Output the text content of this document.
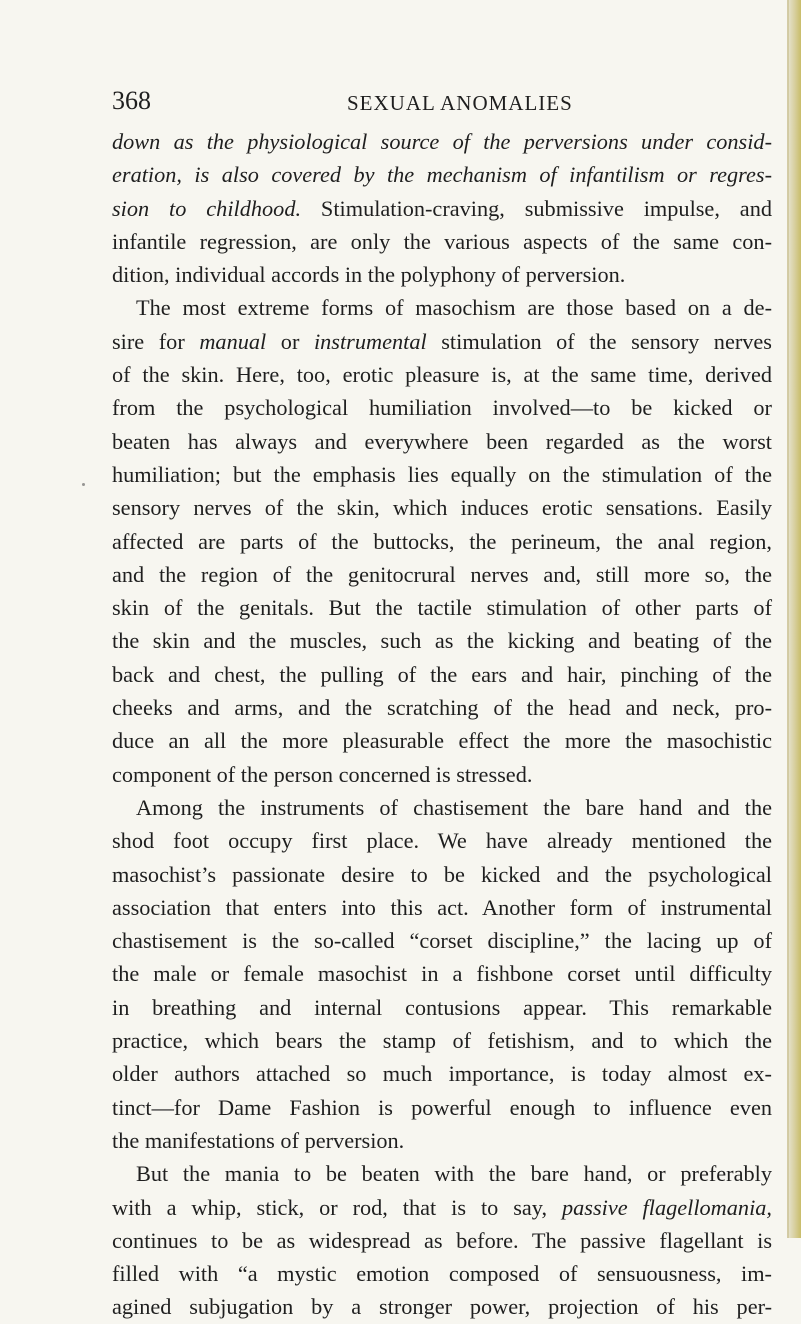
368	SEXUAL ANOMALIES
down as the physiological source of the perversions under consid-
eration, is also covered by the mechanism of infantilism or regres-
sion to childhood. Stimulation-craving, submissive impulse, and
infantile regression, are only the various aspects of the same con-
dition, individual accords in the polyphony of perversion.
The most extreme forms of masochism are those based on a de-
sire for manual or instrumental stimulation of the sensory nerves
of the skin. Here, too, erotic pleasure is, at the same time, derived
from the psychological humiliation involved—to be kicked or
beaten has always and everywhere been regarded as the worst
humiliation; but the emphasis lies equally on the stimulation of the
sensory nerves of the skin, which induces erotic sensations. Easily
affected are parts of the buttocks, the perineum, the anal region,
and the region of the genitocrural nerves and, still more so, the
skin of the genitals. But the tactile stimulation of other parts of
the skin and the muscles, such as the kicking and beating of the
back and chest, the pulling of the ears and hair, pinching of the
cheeks and arms, and the scratching of the head and neck, pro-
duce an all the more pleasurable effect the more the masochistic
component of the person concerned is stressed.
Among the instruments of chastisement the bare hand and the
shod foot occupy first place. We have already mentioned the
masochist’s passionate desire to be kicked and the psychological
association that enters into this act. Another form of instrumental
chastisement is the so-called “corset discipline,” the lacing up of
the male or female masochist in a fishbone corset until difficulty
in breathing and internal contusions appear. This remarkable
practice, which bears the stamp of fetishism, and to which the
older authors attached so much importance, is today almost ex-
tinct—for Dame Fashion is powerful enough to influence even
the manifestations of perversion.
But the mania to be beaten with the bare hand, or preferably
with a whip, stick, or rod, that is to say, passive flagellomania,
continues to be as widespread as before. The passive flagellant is
filled with “a mystic emotion composed of sensuousness, im-
agined subjugation by a stronger power, projection of his per-
